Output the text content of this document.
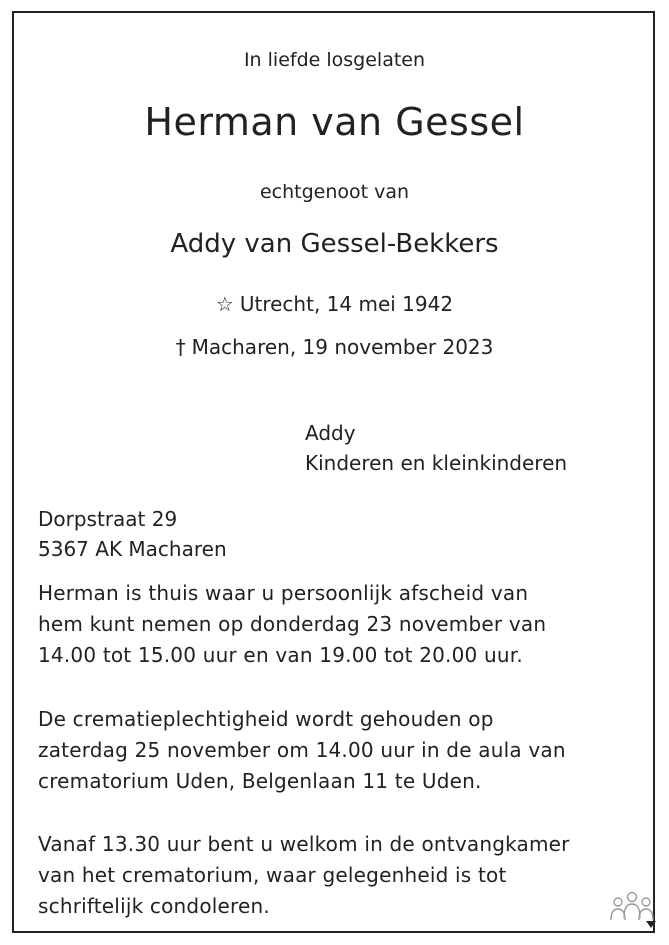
In liefde losgelaten
Herman van Gessel
echtgenoot van
Addy van Gessel-Bekkers
☆ Utrecht, 14 mei 1942
† Macharen, 19 november 2023
Addy
Kinderen en kleinkinderen
Dorpstraat 29
5367 AK Macharen
Herman is thuis waar u persoonlijk afscheid van
hem kunt nemen op donderdag 23 november van
14.00 tot 15.00 uur en van 19.00 tot 20.00 uur.
De crematieplechtigheid wordt gehouden op
zaterdag 25 november om 14.00 uur in de aula van
crematorium Uden, Belgenlaan 11 te Uden.
Vanaf 13.30 uur bent u welkom in de ontvangkamer
van het crematorium, waar gelegenheid is tot
schriftelijk condoleren.
